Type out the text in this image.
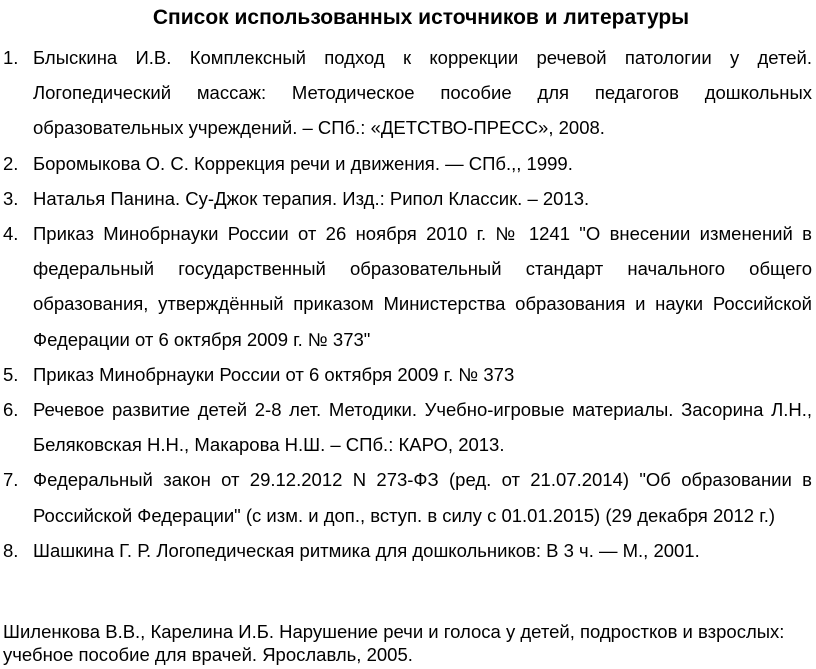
Список использованных источников и литературы
1. Блыскина И.В. Комплексный подход к коррекции речевой патологии у детей. Логопедический массаж: Методическое пособие для педагогов дошкольных образовательных учреждений. – СПб.: «ДЕТСТВО-ПРЕСС», 2008.
2. Боромыкова О. С. Коррекция речи и движения. — СПб.,, 1999.
3. Наталья Панина. Су-Джок терапия. Изд.: Рипол Классик. – 2013.
4. Приказ Минобрнауки России от 26 ноября 2010 г. № 1241 "О внесении изменений в федеральный государственный образовательный стандарт начального общего образования, утверждённый приказом Министерства образования и науки Российской Федерации от 6 октября 2009 г. № 373"
5. Приказ Минобрнауки России от 6 октября 2009 г. № 373
6. Речевое развитие детей 2-8 лет. Методики. Учебно-игровые материалы. Засорина Л.Н., Беляковская Н.Н., Макарова Н.Ш. – СПб.: КАРО, 2013.
7. Федеральный закон от 29.12.2012 N 273-ФЗ (ред. от 21.07.2014) "Об образовании в Российской Федерации" (с изм. и доп., вступ. в силу с 01.01.2015) (29 декабря 2012 г.)
8. Шашкина Г. Р. Логопедическая ритмика для дошкольников: В 3 ч. — М., 2001.
Шиленкова В.В., Карелина И.Б. Нарушение речи и голоса у детей, подростков и взрослых: учебное пособие для врачей. Ярославль, 2005.
